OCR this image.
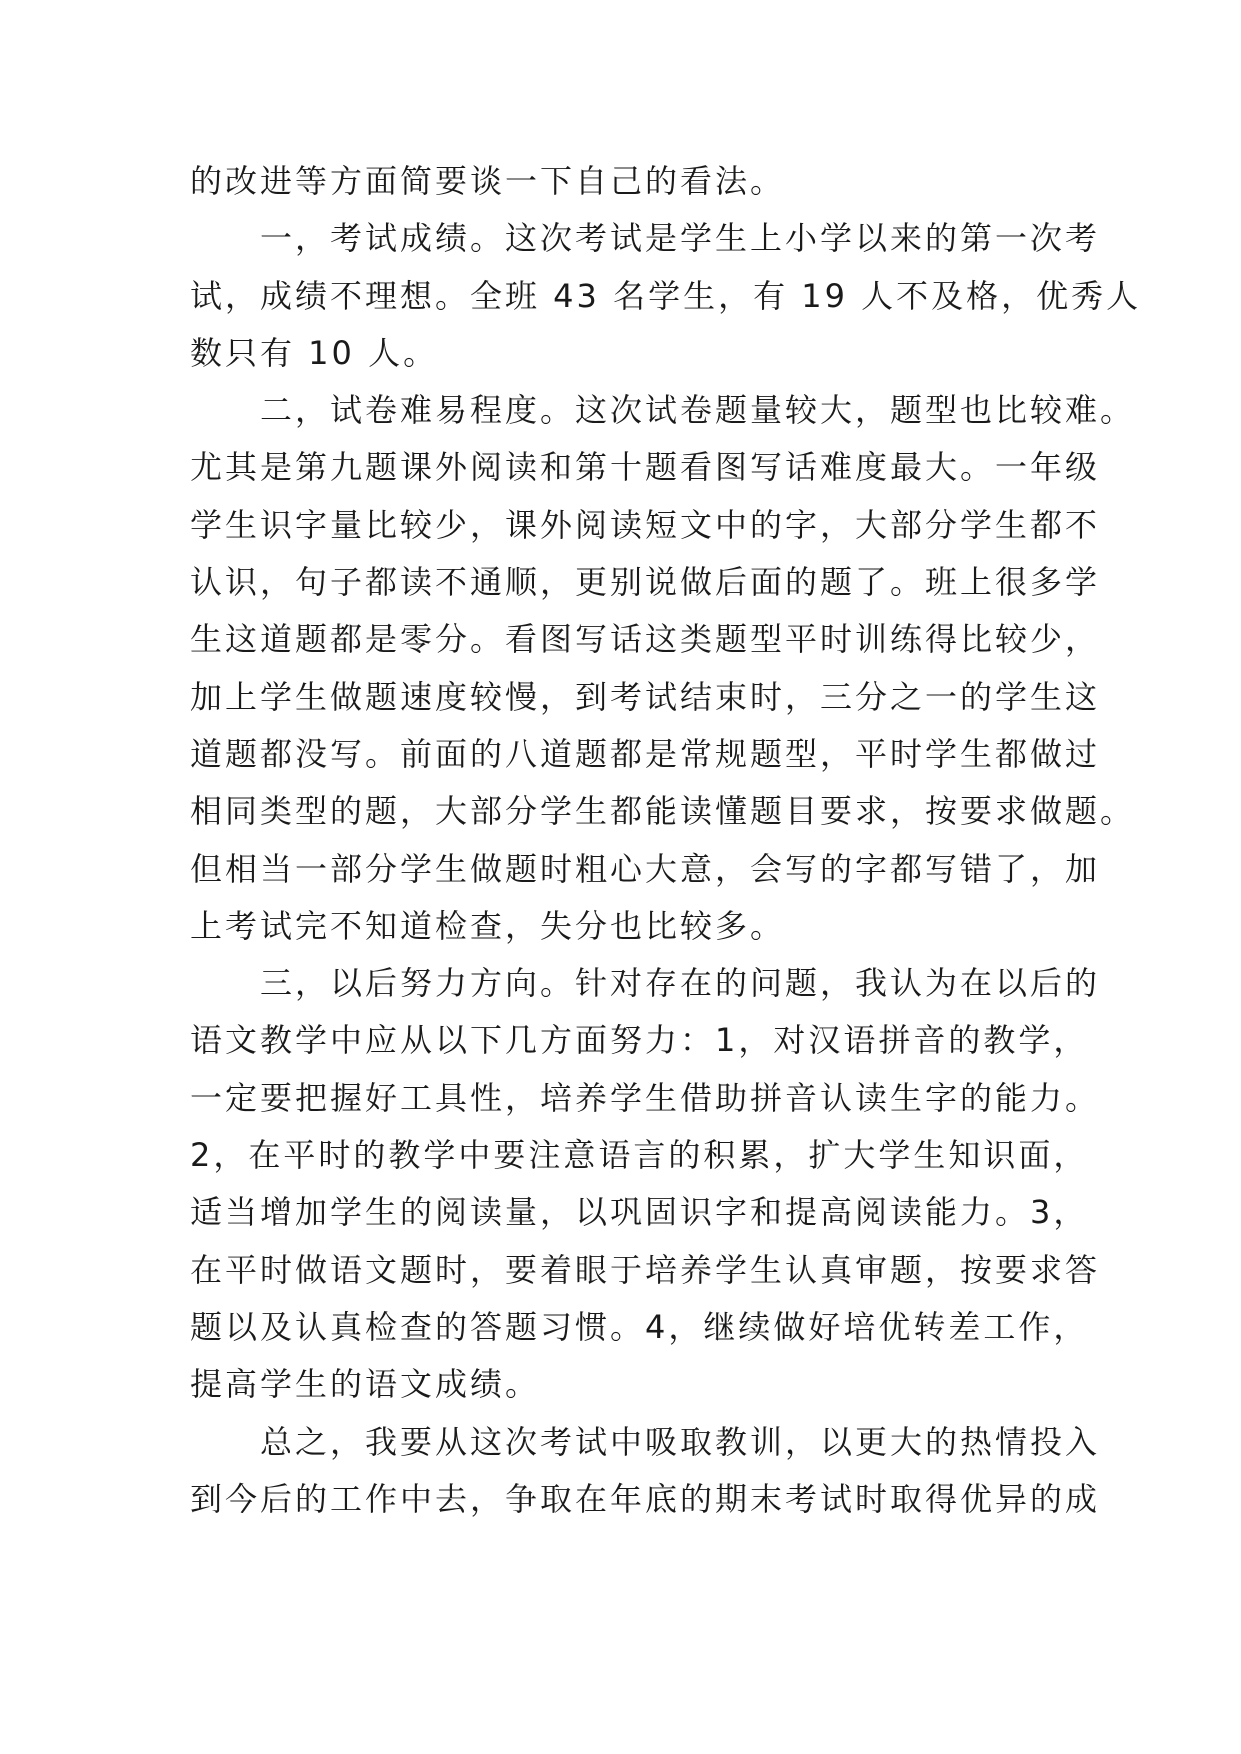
的改进等方面简要谈一下自己的看法。
一，考试成绩。这次考试是学生上小学以来的第一次考
试，成绩不理想。全班 43 名学生，有 19 人不及格，优秀人
数只有 10 人。
二，试卷难易程度。这次试卷题量较大，题型也比较难。
尤其是第九题课外阅读和第十题看图写话难度最大。一年级
学生识字量比较少，课外阅读短文中的字，大部分学生都不
认识，句子都读不通顺，更别说做后面的题了。班上很多学
生这道题都是零分。看图写话这类题型平时训练得比较少，
加上学生做题速度较慢，到考试结束时，三分之一的学生这
道题都没写。前面的八道题都是常规题型，平时学生都做过
相同类型的题，大部分学生都能读懂题目要求，按要求做题。
但相当一部分学生做题时粗心大意，会写的字都写错了，加
上考试完不知道检查，失分也比较多。
三，以后努力方向。针对存在的问题，我认为在以后的
语文教学中应从以下几方面努力：1，对汉语拼音的教学，
一定要把握好工具性，培养学生借助拼音认读生字的能力。
2，在平时的教学中要注意语言的积累，扩大学生知识面，
适当增加学生的阅读量，以巩固识字和提高阅读能力。3，
在平时做语文题时，要着眼于培养学生认真审题，按要求答
题以及认真检查的答题习惯。4，继续做好培优转差工作，
提高学生的语文成绩。
总之，我要从这次考试中吸取教训，以更大的热情投入
到今后的工作中去，争取在年底的期末考试时取得优异的成
